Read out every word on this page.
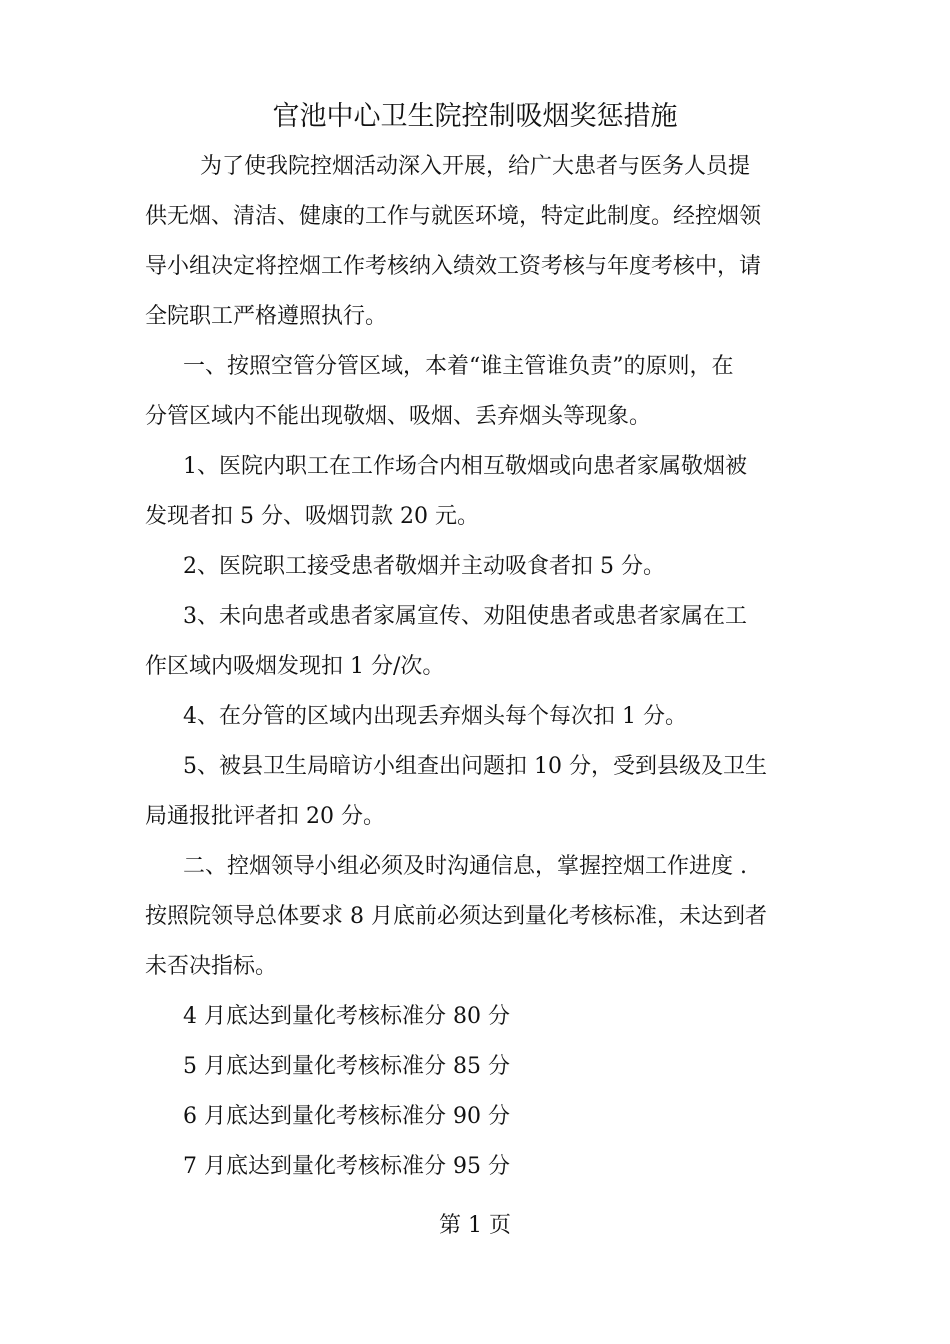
官池中心卫生院控制吸烟奖惩措施

为了使我院控烟活动深入开展，给广大患者与医务人员提

供无烟、清洁、健康的工作与就医环境，特定此制度。经控烟领

导小组决定将控烟工作考核纳入绩效工资考核与年度考核中，请

全院职工严格遵照执行。

一、按照空管分管区域，本着“谁主管谁负责”的原则，在

分管区域内不能出现敬烟、吸烟、丢弃烟头等现象。

1、医院内职工在工作场合内相互敬烟或向患者家属敬烟被

发现者扣 5 分、吸烟罚款 20 元。

2、医院职工接受患者敬烟并主动吸食者扣 5 分。

3、未向患者或患者家属宣传、劝阻使患者或患者家属在工

作区域内吸烟发现扣 1 分/次。

4、在分管的区域内出现丢弃烟头每个每次扣 1 分。

5、被县卫生局暗访小组查出问题扣 10 分，受到县级及卫生

局通报批评者扣 20 分。

二、控烟领导小组必须及时沟通信息，掌握控烟工作进度 .

按照院领导总体要求 8 月底前必须达到量化考核标准，未达到者

未否决指标。

4 月底达到量化考核标准分 80 分

5 月底达到量化考核标准分 85 分

6 月底达到量化考核标准分 90 分

7 月底达到量化考核标准分 95 分

第 1 页
